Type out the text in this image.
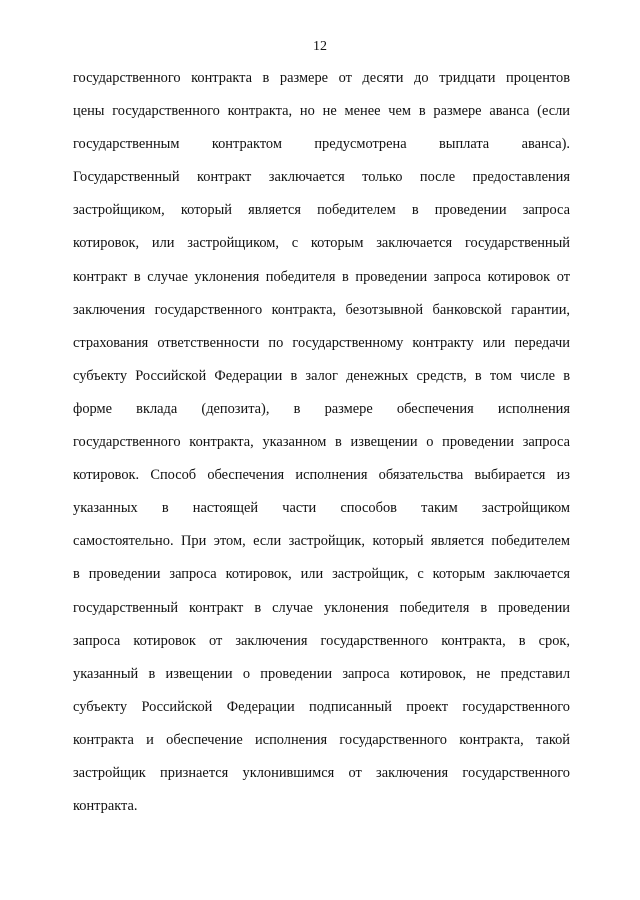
12
государственного контракта в размере от десяти до тридцати процентов
цены государственного контракта, но не менее чем в размере аванса (если
государственным контрактом предусмотрена выплата аванса).
Государственный контракт заключается только после предоставления
застройщиком, который является победителем в проведении запроса
котировок, или застройщиком, с которым заключается государственный
контракт в случае уклонения победителя в проведении запроса котировок от
заключения государственного контракта, безотзывной банковской гарантии,
страхования ответственности по государственному контракту или передачи
субъекту Российской Федерации в залог денежных средств, в том числе в
форме вклада (депозита), в размере обеспечения исполнения
государственного контракта, указанном в извещении о проведении запроса
котировок. Способ обеспечения исполнения обязательства выбирается из
указанных в настоящей части способов таким застройщиком
самостоятельно. При этом, если застройщик, который является победителем
в проведении запроса котировок, или застройщик, с которым заключается
государственный контракт в случае уклонения победителя в проведении
запроса котировок от заключения государственного контракта, в срок,
указанный в извещении о проведении запроса котировок, не представил
субъекту Российской Федерации подписанный проект государственного
контракта и обеспечение исполнения государственного контракта, такой
застройщик признается уклонившимся от заключения государственного
контракта.
